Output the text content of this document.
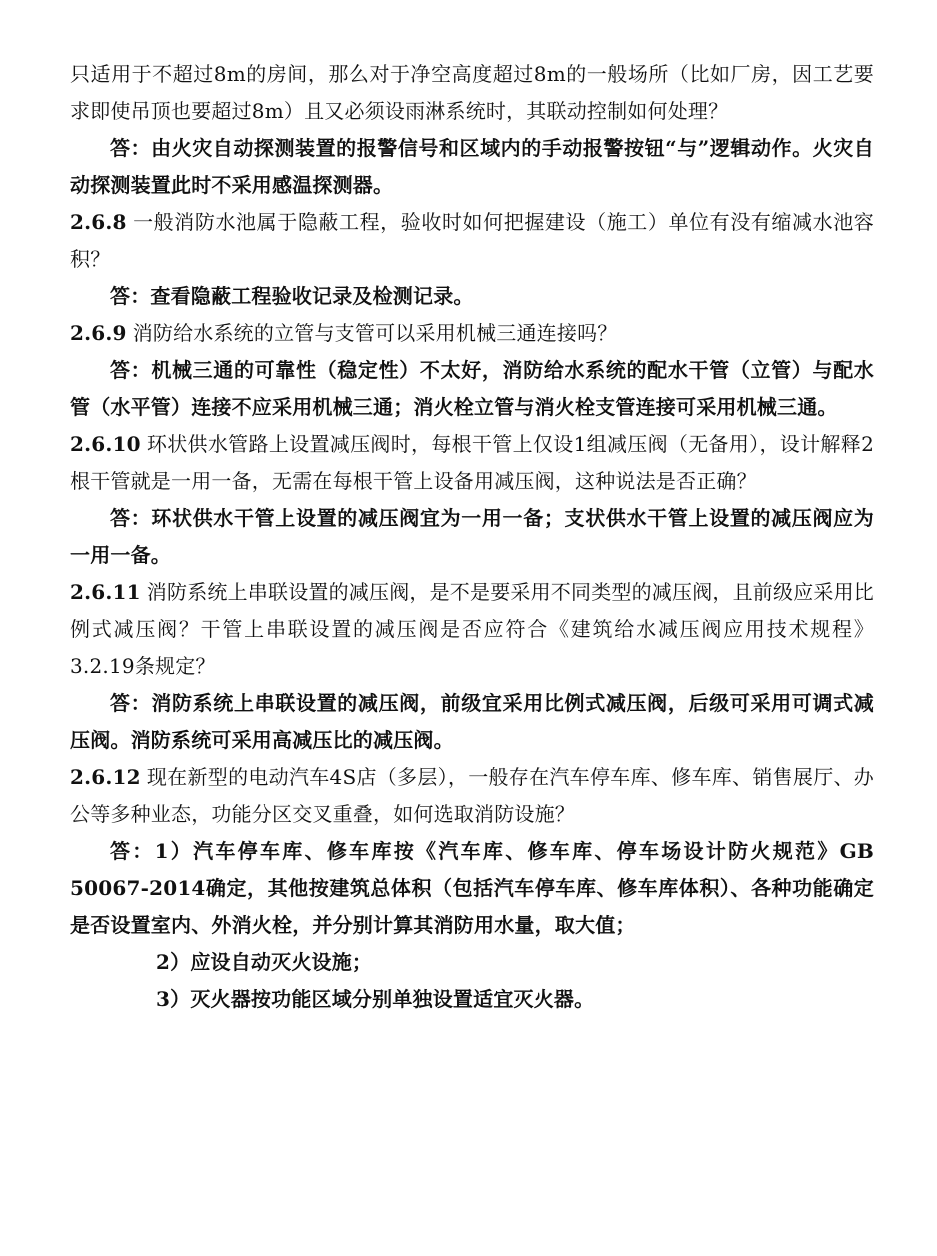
只适用于不超过8m的房间，那么对于净空高度超过8m的一般场所（比如厂房，因工艺要求即使吊顶也要超过8m）且又必须设雨淋系统时，其联动控制如何处理？

答：由火灾自动探测装置的报警信号和区域内的手动报警按钮“与”逻辑动作。火灾自动探测装置此时不采用感温探测器。

2.6.8 一般消防水池属于隐蔽工程，验收时如何把握建设（施工）单位有没有缩减水池容积？

答：查看隐蔽工程验收记录及检测记录。

2.6.9 消防给水系统的立管与支管可以采用机械三通连接吗？

答：机械三通的可靠性（稳定性）不太好，消防给水系统的配水干管（立管）与配水管（水平管）连接不应采用机械三通；消火栓立管与消火栓支管连接可采用机械三通。

2.6.10 环状供水管路上设置减压阀时，每根干管上仅设1组减压阀（无备用），设计解释2根干管就是一用一备，无需在每根干管上设备用减压阀，这种说法是否正确？

答：环状供水干管上设置的减压阀宜为一用一备；支状供水干管上设置的减压阀应为一用一备。

2.6.11 消防系统上串联设置的减压阀，是不是要采用不同类型的减压阀，且前级应采用比例式减压阀？干管上串联设置的减压阀是否应符合《建筑给水减压阀应用技术规程》3.2.19条规定？

答：消防系统上串联设置的减压阀，前级宜采用比例式减压阀，后级可采用可调式减压阀。消防系统可采用高减压比的减压阀。

2.6.12 现在新型的电动汽车4S店（多层），一般存在汽车停车库、修车库、销售展厅、办公等多种业态，功能分区交叉重叠，如何选取消防设施？

答：1）汽车停车库、修车库按《汽车库、修车库、停车场设计防火规范》GB 50067-2014确定，其他按建筑总体积（包括汽车停车库、修车库体积）、各种功能确定是否设置室内、外消火栓，并分别计算其消防用水量，取大值；

2）应设自动灭火设施；

3）灭火器按功能区域分别单独设置适宜灭火器。
